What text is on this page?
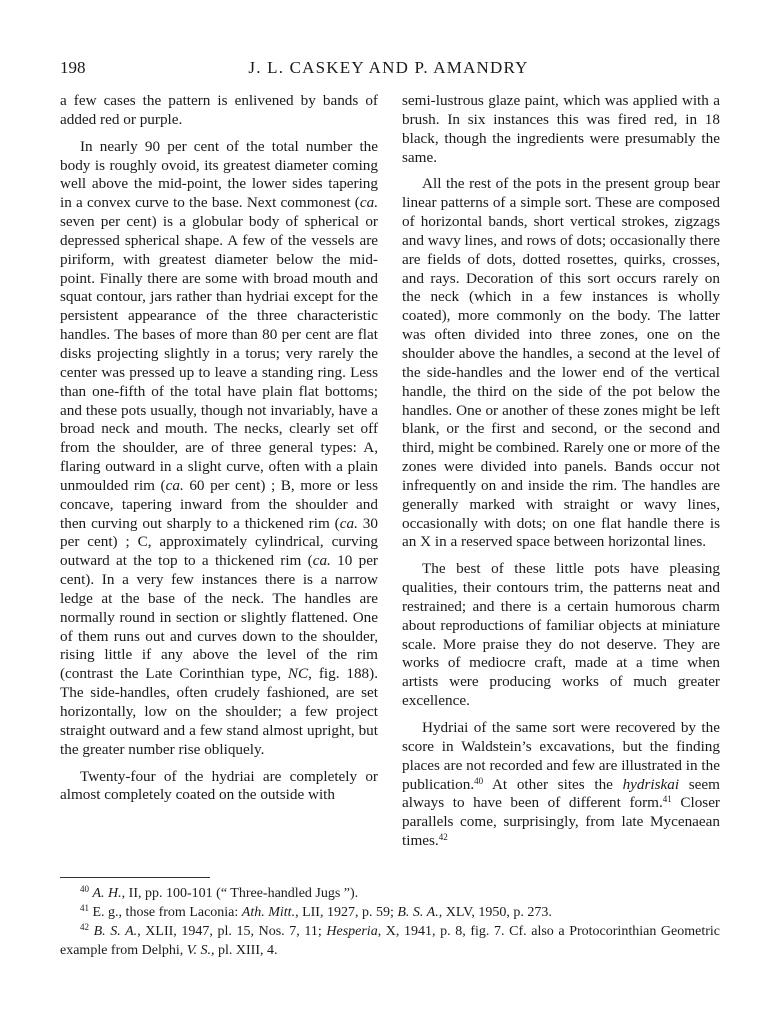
198	J. L. CASKEY AND P. AMANDRY

a few cases the pattern is enlivened by bands of added red or purple.

In nearly 90 per cent of the total number the body is roughly ovoid, its greatest diameter coming well above the mid-point, the lower sides tapering in a convex curve to the base. Next commonest (ca. seven per cent) is a globular body of spherical or depressed spherical shape. A few of the vessels are piriform, with greatest diameter below the mid-point. Finally there are some with broad mouth and squat contour, jars rather than hydriai except for the persistent appearance of the three characteristic handles. The bases of more than 80 per cent are flat disks projecting slightly in a torus; very rarely the center was pressed up to leave a standing ring. Less than one-fifth of the total have plain flat bottoms; and these pots usually, though not invariably, have a broad neck and mouth. The necks, clearly set off from the shoulder, are of three general types: A, flaring outward in a slight curve, often with a plain unmoulded rim (ca. 60 per cent) ; B, more or less concave, tapering inward from the shoulder and then curving out sharply to a thickened rim (ca. 30 per cent) ; C, approximately cylindrical, curving outward at the top to a thickened rim (ca. 10 per cent). In a very few instances there is a narrow ledge at the base of the neck. The handles are normally round in section or slightly flattened. One of them runs out and curves down to the shoulder, rising little if any above the level of the rim (contrast the Late Corinthian type, NC, fig. 188). The side-handles, often crudely fashioned, are set horizontally, low on the shoulder; a few project straight outward and a few stand almost upright, but the greater number rise obliquely.

Twenty-four of the hydriai are completely or almost completely coated on the outside with

semi-lustrous glaze paint, which was applied with a brush. In six instances this was fired red, in 18 black, though the ingredients were presumably the same.

All the rest of the pots in the present group bear linear patterns of a simple sort. These are composed of horizontal bands, short vertical strokes, zigzags and wavy lines, and rows of dots; occasionally there are fields of dots, dotted rosettes, quirks, crosses, and rays. Decoration of this sort occurs rarely on the neck (which in a few instances is wholly coated), more commonly on the body. The latter was often divided into three zones, one on the shoulder above the handles, a second at the level of the side-handles and the lower end of the vertical handle, the third on the side of the pot below the handles. One or another of these zones might be left blank, or the first and second, or the second and third, might be combined. Rarely one or more of the zones were divided into panels. Bands occur not infrequently on and inside the rim. The handles are generally marked with straight or wavy lines, occasionally with dots; on one flat handle there is an X in a reserved space between horizontal lines.

The best of these little pots have pleasing qualities, their contours trim, the patterns neat and restrained; and there is a certain humorous charm about reproductions of familiar objects at miniature scale. More praise they do not deserve. They are works of mediocre craft, made at a time when artists were producing works of much greater excellence.

Hydriai of the same sort were recovered by the score in Waldstein’s excavations, but the finding places are not recorded and few are illustrated in the publication.$^{40}$ At other sites the hydriskai seem always to have been of different form.$^{41}$ Closer parallels come, surprisingly, from late Mycenaean times.$^{42}$

$^{40}$ A. H., II, pp. 100-101 (“ Three-handled Jugs ”).

$^{41}$ E. g., those from Laconia: Ath. Mitt., LII, 1927, p. 59; B. S. A., XLV, 1950, p. 273.

$^{42}$ B. S. A., XLII, 1947, pl. 15, Nos. 7, 11; Hesperia, X, 1941, p. 8, fig. 7. Cf. also a Protocorinthian Geometric example from Delphi, V. S., pl. XIII, 4.
